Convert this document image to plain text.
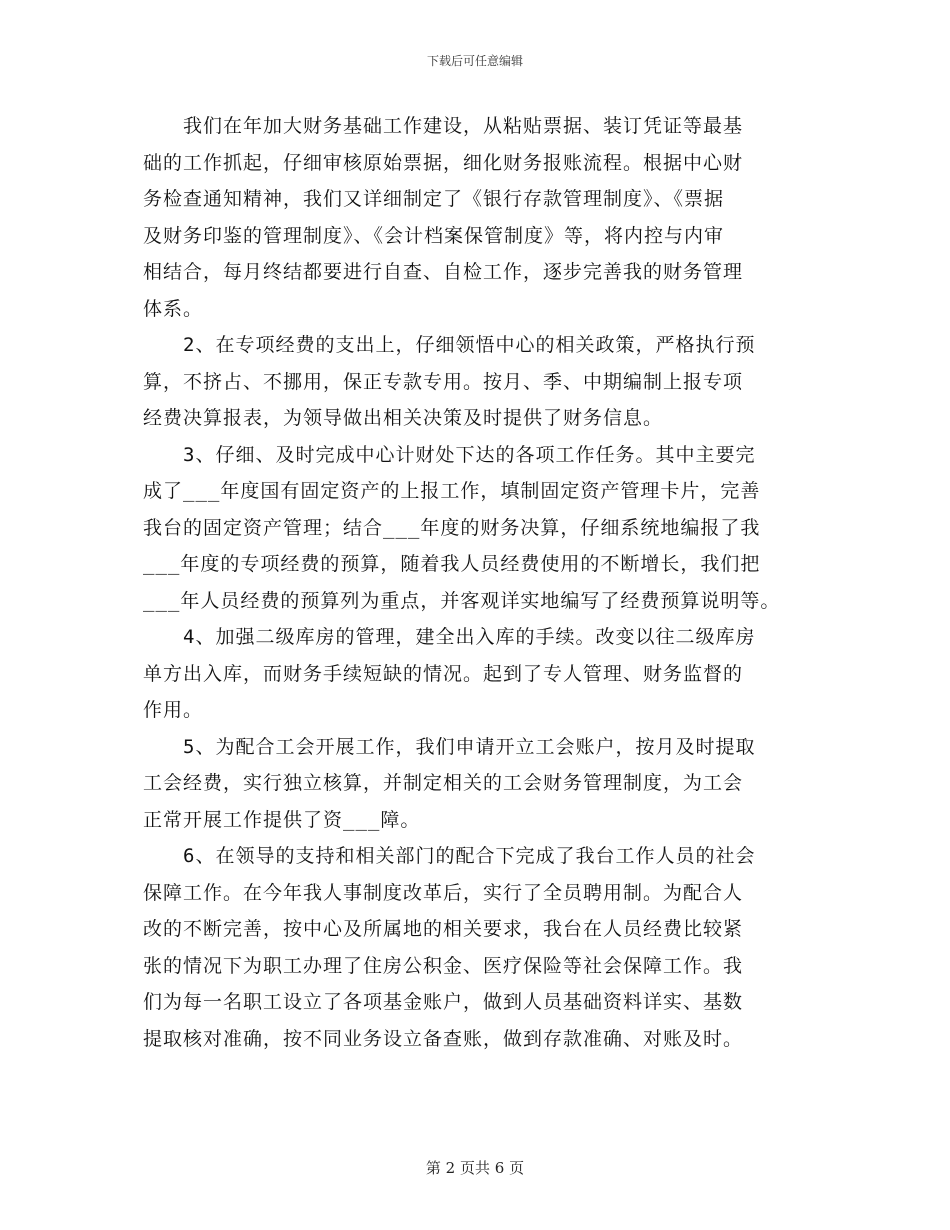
下载后可任意编辑

　　我们在年加大财务基础工作建设，从粘贴票据、装订凭证等最基
础的工作抓起，仔细审核原始票据，细化财务报账流程。根据中心财
务检查通知精神，我们又详细制定了《银行存款管理制度》、《票据
及财务印鉴的管理制度》、《会计档案保管制度》等，将内控与内审
相结合，每月终结都要进行自查、自检工作，逐步完善我的财务管理
体系。

　　2、在专项经费的支出上，仔细领悟中心的相关政策，严格执行预
算，不挤占、不挪用，保正专款专用。按月、季、中期编制上报专项
经费决算报表，为领导做出相关决策及时提供了财务信息。

　　3、仔细、及时完成中心计财处下达的各项工作任务。其中主要完
成了___年度国有固定资产的上报工作，填制固定资产管理卡片，完善
我台的固定资产管理；结合___年度的财务决算，仔细系统地编报了我
___年度的专项经费的预算，随着我人员经费使用的不断增长，我们把
___年人员经费的预算列为重点，并客观详实地编写了经费预算说明等。

　　4、加强二级库房的管理，建全出入库的手续。改变以往二级库房
单方出入库，而财务手续短缺的情况。起到了专人管理、财务监督的
作用。

　　5、为配合工会开展工作，我们申请开立工会账户，按月及时提取
工会经费，实行独立核算，并制定相关的工会财务管理制度，为工会
正常开展工作提供了资___障。

　　6、在领导的支持和相关部门的配合下完成了我台工作人员的社会
保障工作。在今年我人事制度改革后，实行了全员聘用制。为配合人
改的不断完善，按中心及所属地的相关要求，我台在人员经费比较紧
张的情况下为职工办理了住房公积金、医疗保险等社会保障工作。我
们为每一名职工设立了各项基金账户，做到人员基础资料详实、基数
提取核对准确，按不同业务设立备查账，做到存款准确、对账及时。

第 2 页共 6 页
